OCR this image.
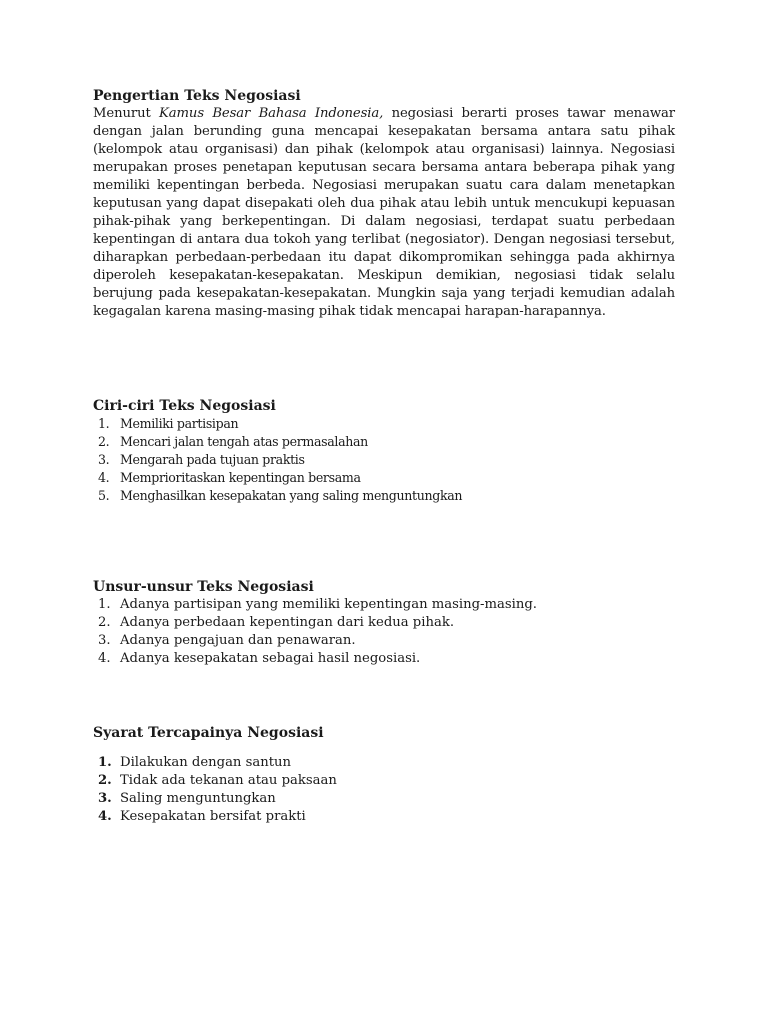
Pengertian Teks Negosiasi

Menurut Kamus Besar Bahasa Indonesia, negosiasi berarti proses tawar menawar dengan jalan berunding guna mencapai kesepakatan bersama antara satu pihak (kelompok atau organisasi) dan pihak (kelompok atau organisasi) lainnya. Negosiasi merupakan proses penetapan keputusan secara bersama antara beberapa pihak yang memiliki kepentingan berbeda. Negosiasi merupakan suatu cara dalam menetapkan keputusan yang dapat disepakati oleh dua pihak atau lebih untuk mencukupi kepuasan pihak-pihak yang berkepentingan. Di dalam negosiasi, terdapat suatu perbedaan kepentingan di antara dua tokoh yang terlibat (negosiator). Dengan negosiasi tersebut, diharapkan perbedaan-perbedaan itu dapat dikompromikan sehingga pada akhirnya diperoleh kesepakatan-kesepakatan. Meskipun demikian, negosiasi tidak selalu berujung pada kesepakatan-kesepakatan. Mungkin saja yang terjadi kemudian adalah kegagalan karena masing-masing pihak tidak mencapai harapan-harapannya.

Ciri-ciri Teks Negosiasi
1. Memiliki partisipan
2. Mencari jalan tengah atas permasalahan
3. Mengarah pada tujuan praktis
4. Memprioritaskan kepentingan bersama
5. Menghasilkan kesepakatan yang saling menguntungkan
Unsur-unsur Teks Negosiasi
1. Adanya partisipan yang memiliki kepentingan masing-masing.
2. Adanya perbedaan kepentingan dari kedua pihak.
3. Adanya pengajuan dan penawaran.
4. Adanya kesepakatan sebagai hasil negosiasi.
Syarat Tercapainya Negosiasi
1. Dilakukan dengan santun
2. Tidak ada tekanan atau paksaan
3. Saling menguntungkan
4. Kesepakatan bersifat prakti
